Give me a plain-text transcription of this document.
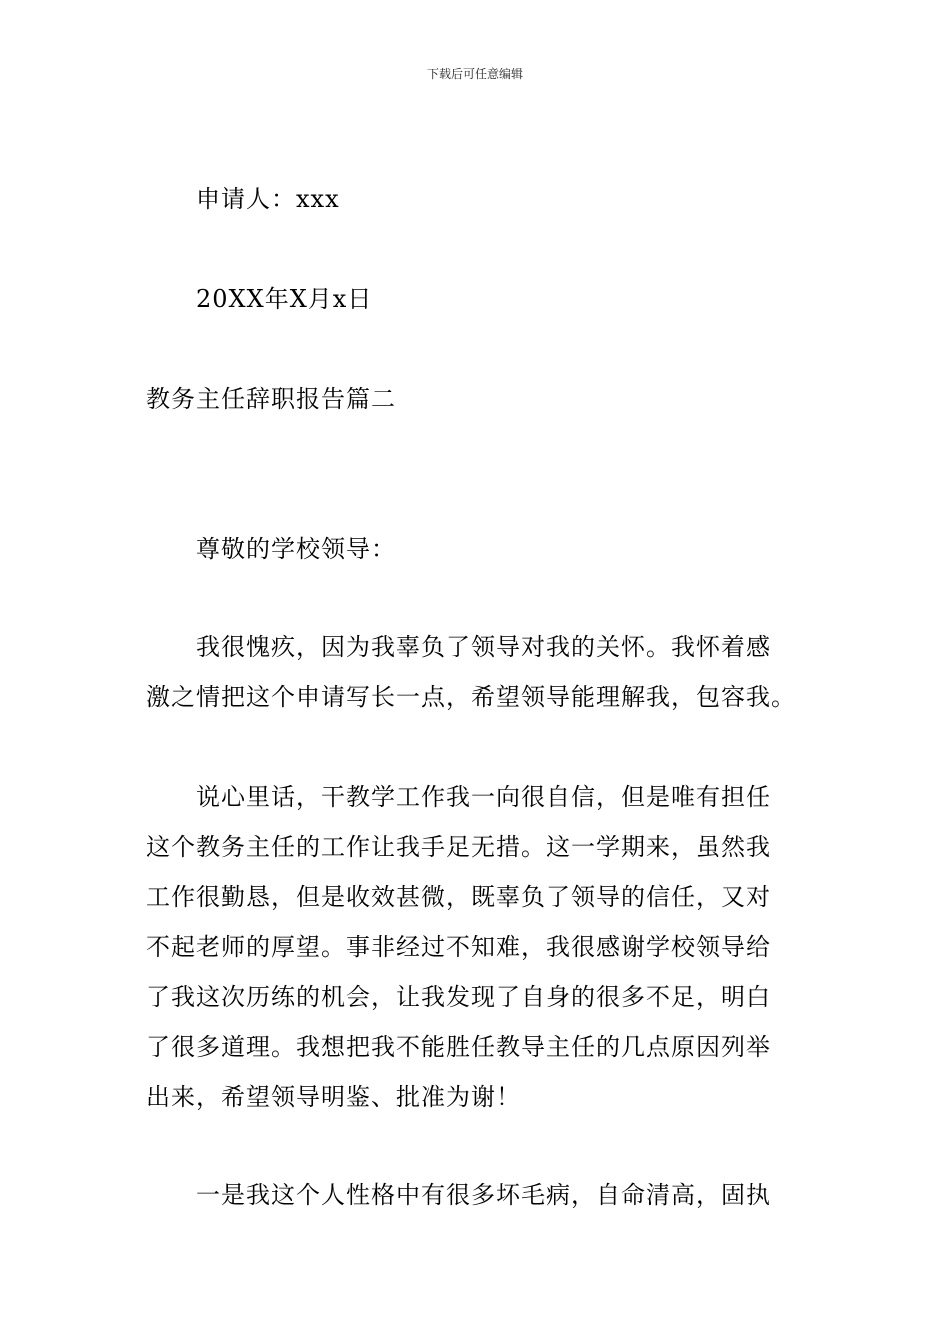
下载后可任意编辑
申请人：xxx
20XX年X月x日
教务主任辞职报告篇二
尊敬的学校领导：
我很愧疚，因为我辜负了领导对我的关怀。我怀着感
激之情把这个申请写长一点，希望领导能理解我，包容我。
说心里话，干教学工作我一向很自信，但是唯有担任
这个教务主任的工作让我手足无措。这一学期来，虽然我
工作很勤恳，但是收效甚微，既辜负了领导的信任，又对
不起老师的厚望。事非经过不知难，我很感谢学校领导给
了我这次历练的机会，让我发现了自身的很多不足，明白
了很多道理。我想把我不能胜任教导主任的几点原因列举
出来，希望领导明鉴、批准为谢！
一是我这个人性格中有很多坏毛病，自命清高，固执
